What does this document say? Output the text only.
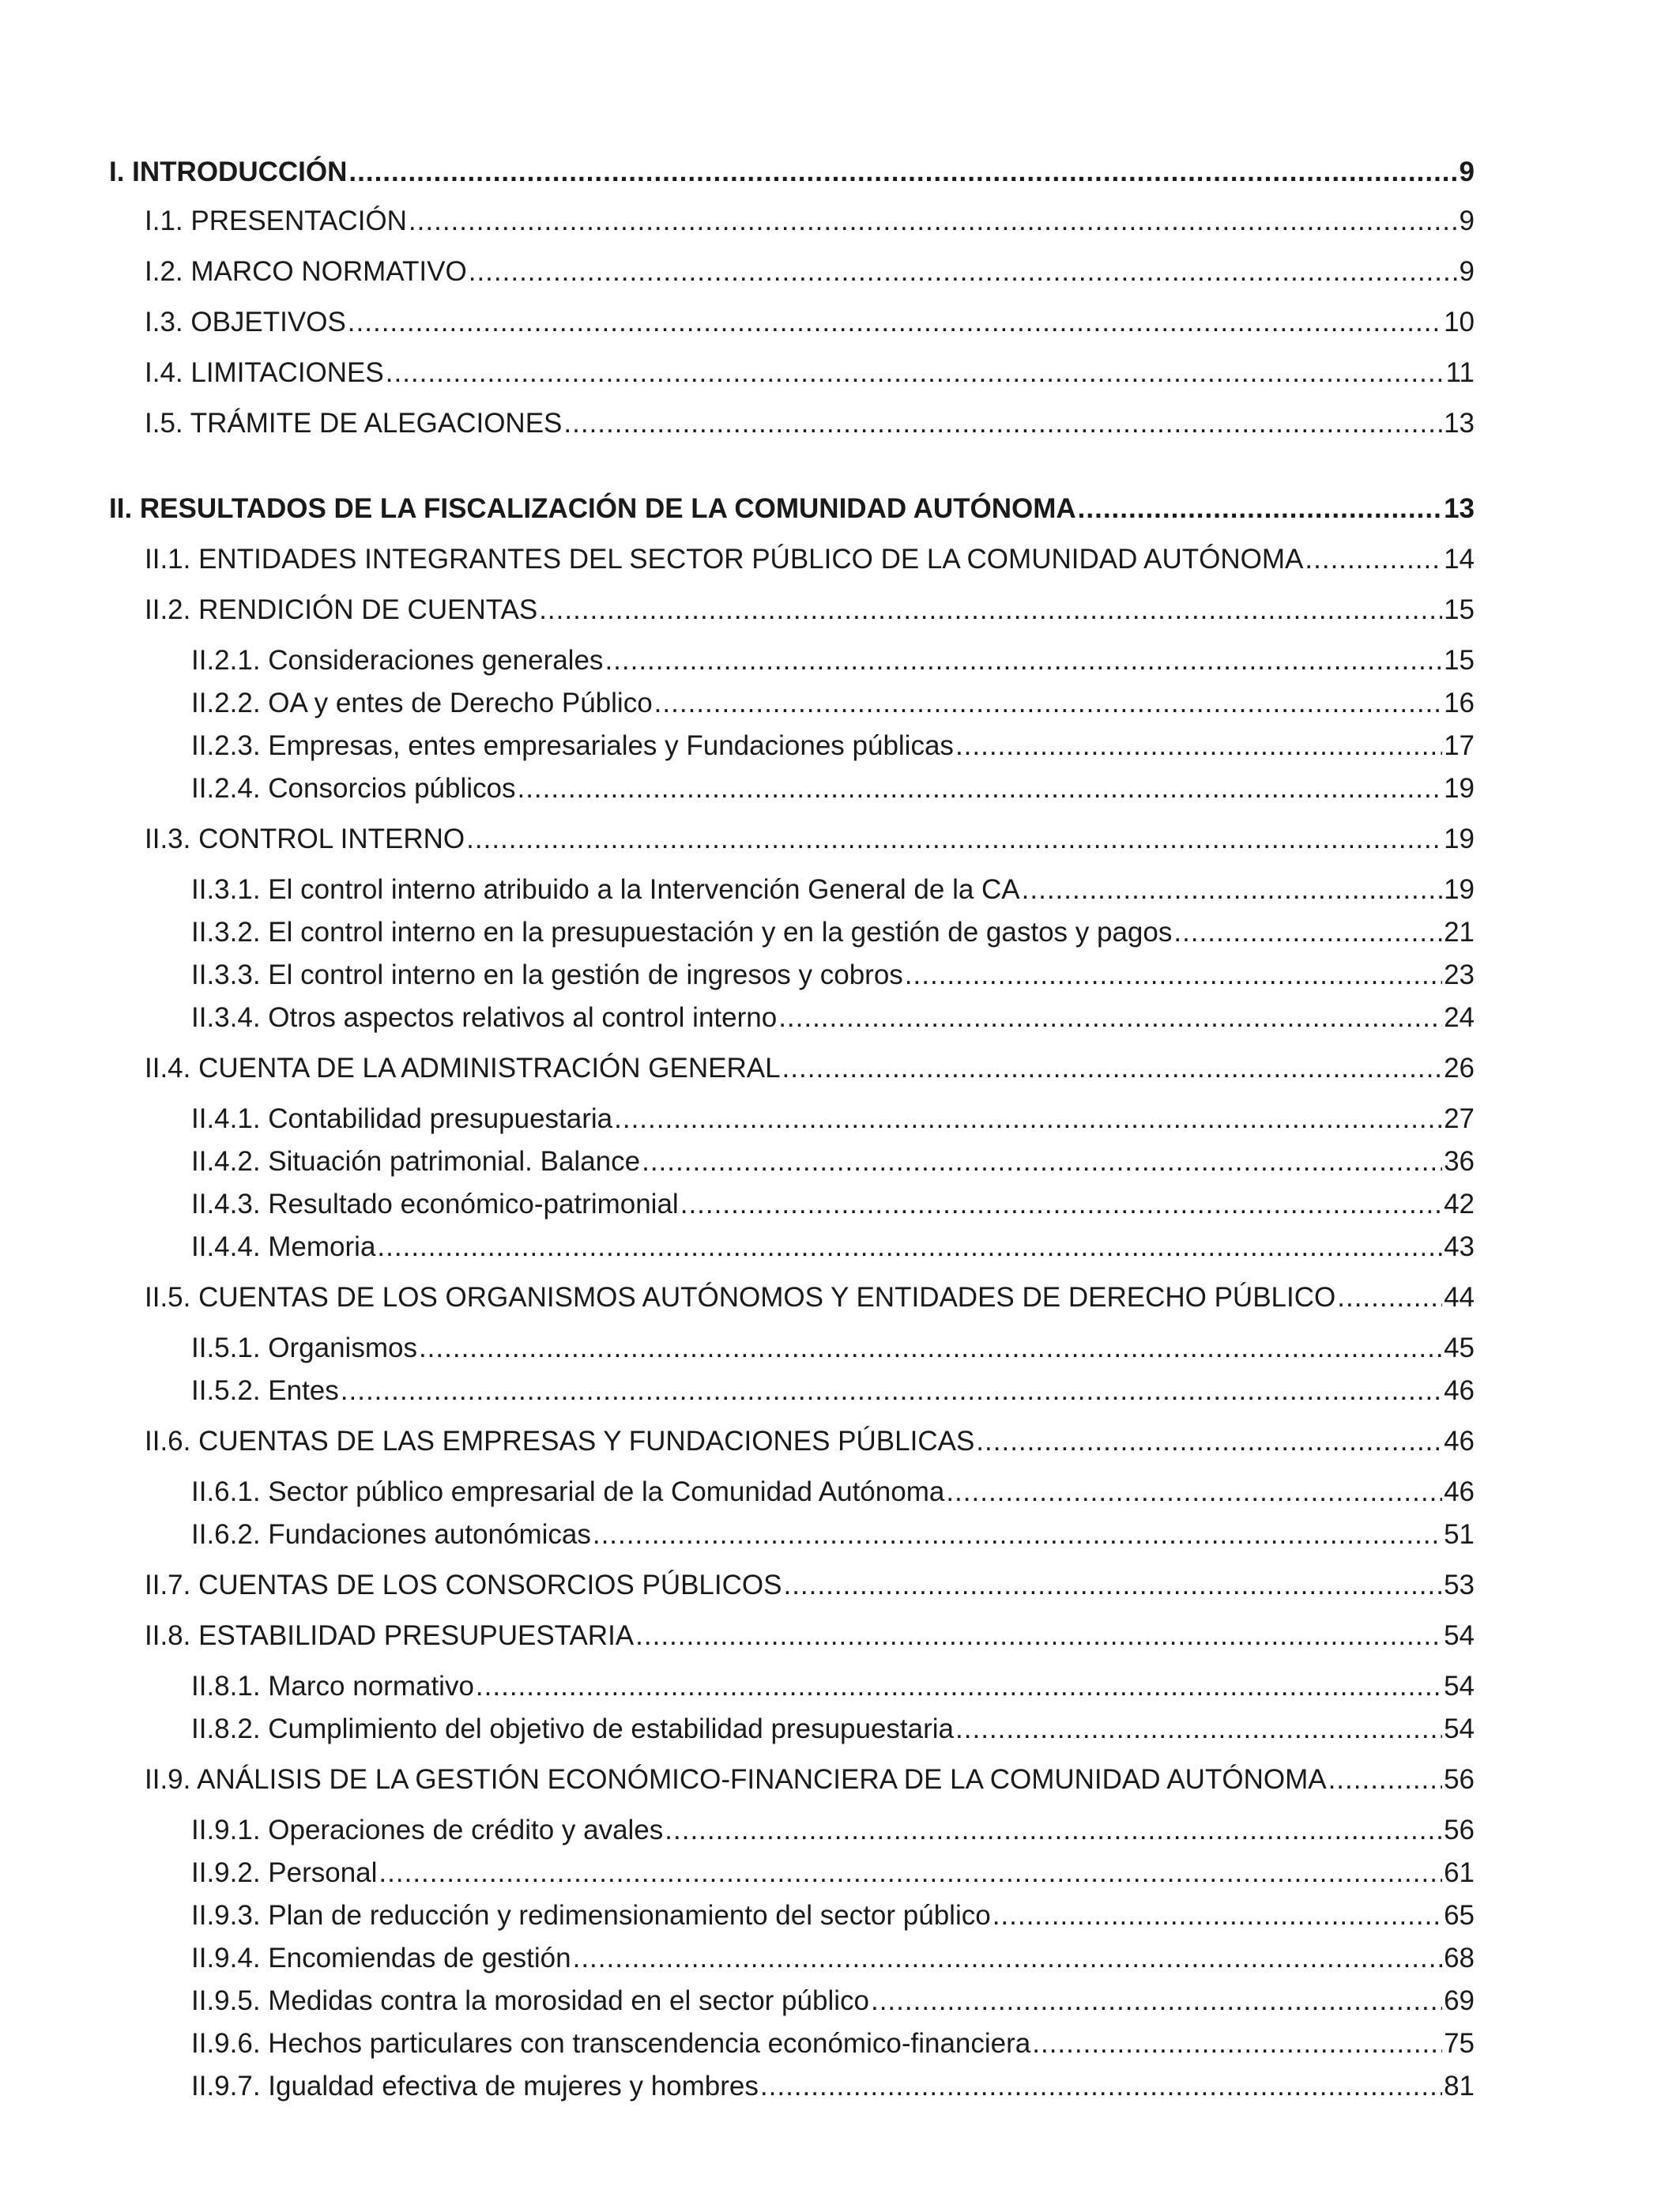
I. INTRODUCCIÓN .....	9
I.1. PRESENTACIÓN .....	9
I.2. MARCO NORMATIVO .....	9
I.3. OBJETIVOS .....	10
I.4. LIMITACIONES .....	11
I.5. TRÁMITE DE ALEGACIONES .....	13
II. RESULTADOS DE LA FISCALIZACIÓN DE LA COMUNIDAD AUTÓNOMA .....	13
II.1. ENTIDADES INTEGRANTES DEL SECTOR PÚBLICO DE LA COMUNIDAD AUTÓNOMA .....	14
II.2. RENDICIÓN DE CUENTAS .....	15
II.2.1. Consideraciones generales .....	15
II.2.2. OA y entes de Derecho Público .....	16
II.2.3. Empresas, entes empresariales y Fundaciones públicas .....	17
II.2.4. Consorcios públicos .....	19
II.3. CONTROL INTERNO .....	19
II.3.1. El control interno atribuido a la Intervención General de la CA .....	19
II.3.2. El control interno en la presupuestación y en la gestión de gastos y pagos .....	21
II.3.3. El control interno en la gestión de ingresos y cobros .....	23
II.3.4. Otros aspectos relativos al control interno .....	24
II.4. CUENTA DE LA ADMINISTRACIÓN GENERAL .....	26
II.4.1. Contabilidad presupuestaria .....	27
II.4.2. Situación patrimonial. Balance .....	36
II.4.3. Resultado económico-patrimonial .....	42
II.4.4. Memoria .....	43
II.5. CUENTAS DE LOS ORGANISMOS AUTÓNOMOS Y ENTIDADES DE DERECHO PÚBLICO .....	44
II.5.1. Organismos .....	45
II.5.2. Entes .....	46
II.6. CUENTAS DE LAS EMPRESAS Y FUNDACIONES PÚBLICAS .....	46
II.6.1. Sector público empresarial de la Comunidad Autónoma .....	46
II.6.2. Fundaciones autonómicas .....	51
II.7. CUENTAS DE LOS CONSORCIOS PÚBLICOS .....	53
II.8. ESTABILIDAD PRESUPUESTARIA .....	54
II.8.1. Marco normativo .....	54
II.8.2. Cumplimiento del objetivo de estabilidad presupuestaria .....	54
II.9. ANÁLISIS DE LA GESTIÓN ECONÓMICO-FINANCIERA DE LA COMUNIDAD AUTÓNOMA .....	56
II.9.1. Operaciones de crédito y avales .....	56
II.9.2. Personal .....	61
II.9.3. Plan de reducción y redimensionamiento del sector público .....	65
II.9.4. Encomiendas de gestión .....	68
II.9.5. Medidas contra la morosidad en el sector público .....	69
II.9.6. Hechos particulares con transcendencia económico-financiera .....	75
II.9.7. Igualdad efectiva de mujeres y hombres .....	81
